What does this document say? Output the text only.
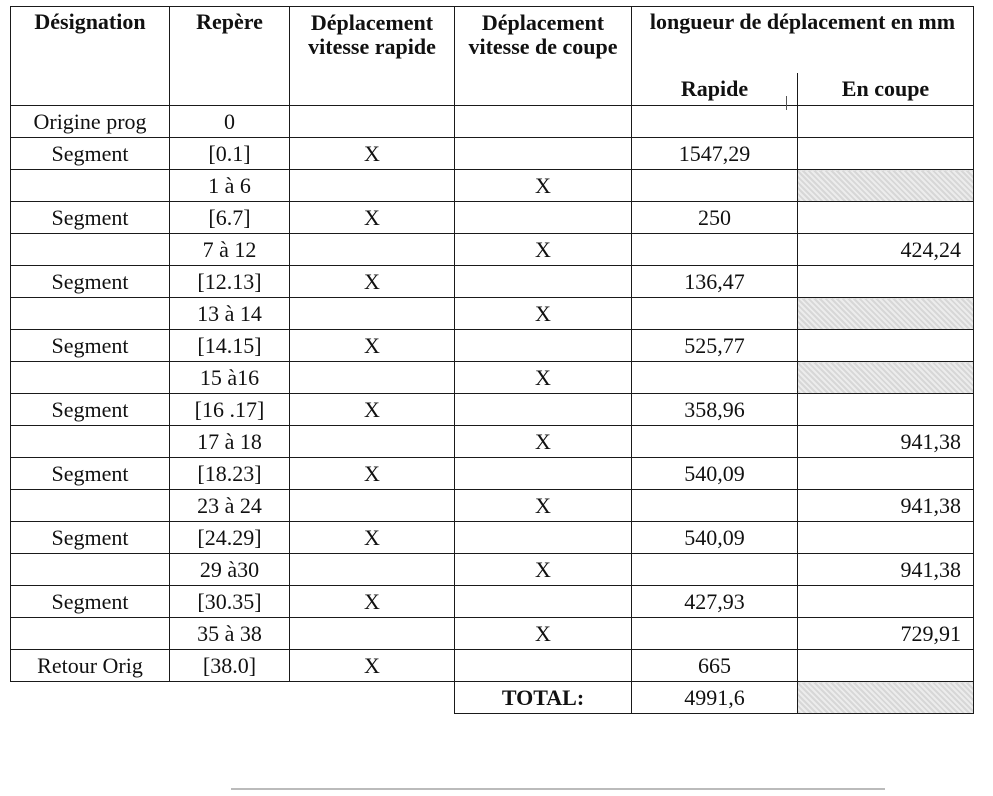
Désignation	Repère	Déplacement vitesse rapide	Déplacement vitesse de coupe	longueur de déplacement en mm	
				Rapide	En coupe
Origine prog	0				
Segment	[0.1]	X		1547,29	
	1 à 6		X		
Segment	[6.7]	X		250	
	7 à 12		X		424,24
Segment	[12.13]	X		136,47	
	13 à 14		X		
Segment	[14.15]	X		525,77	
	15 à16		X		
Segment	[16 .17]	X		358,96	
	17 à 18		X		941,38
Segment	[18.23]	X		540,09	
	23 à 24		X		941,38
Segment	[24.29]	X		540,09	
	29 à30		X		941,38
Segment	[30.35]	X		427,93	
	35 à 38		X		729,91
Retour Orig	[38.0]	X		665	
			TOTAL:	4991,6	
